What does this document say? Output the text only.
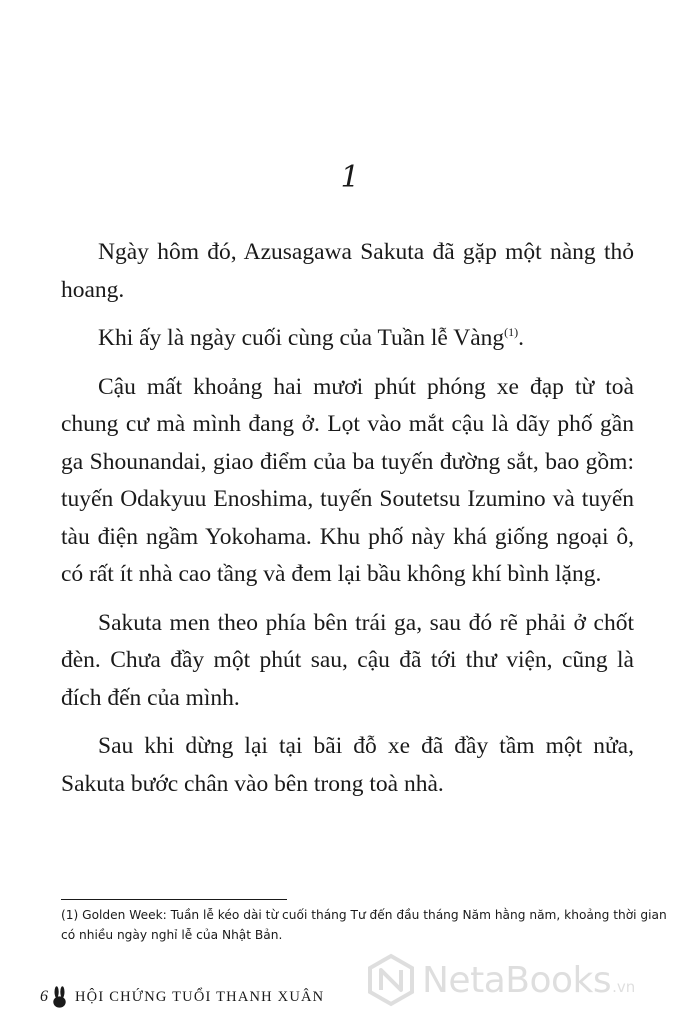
1

Ngày hôm đó, Azusagawa Sakuta đã gặp một nàng thỏ hoang.

Khi ấy là ngày cuối cùng của Tuần lễ Vàng$^{(1)}$.

Cậu mất khoảng hai mươi phút phóng xe đạp từ toà chung cư mà mình đang ở. Lọt vào mắt cậu là dãy phố gần ga Shounandai, giao điểm của ba tuyến đường sắt, bao gồm: tuyến Odakyuu Enoshima, tuyến Soutetsu Izumino và tuyến tàu điện ngầm Yokohama. Khu phố này khá giống ngoại ô, có rất ít nhà cao tầng và đem lại bầu không khí bình lặng.

Sakuta men theo phía bên trái ga, sau đó rẽ phải ở chốt đèn. Chưa đầy một phút sau, cậu đã tới thư viện, cũng là đích đến của mình.

Sau khi dừng lại tại bãi đỗ xe đã đầy tầm một nửa, Sakuta bước chân vào bên trong toà nhà.

(1) Golden Week: Tuần lễ kéo dài từ cuối tháng Tư đến đầu tháng Năm hằng năm, khoảng thời gian có nhiều ngày nghỉ lễ của Nhật Bản.
6 HỘI CHỨNG TUỔI THANH XUÂN	NetaBooks .vn
